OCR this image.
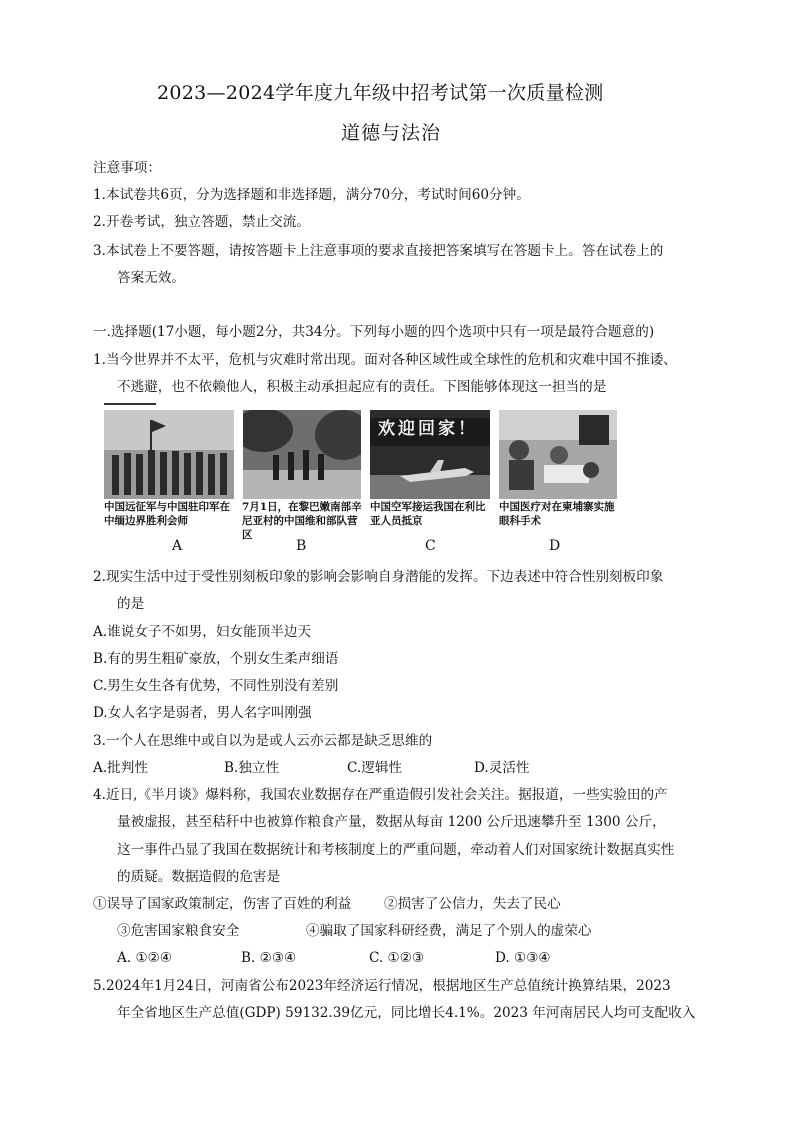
2023—2024学年度九年级中招考试第一次质量检测
道德与法治
注意事项：
1.本试卷共6页，分为选择题和非选择题，满分70分，考试时间60分钟。
2.开卷考试，独立答题，禁止交流。
3.本试卷上不要答题，请按答题卡上注意事项的要求直接把答案填写在答题卡上。答在试卷上的
答案无效。
一.选择题(17小题，每小题2分，共34分。下列每小题的四个选项中只有一项是最符合题意的)
1.当今世界并不太平，危机与灾难时常出现。面对各种区域性或全球性的危机和灾难中国不推诿、
不逃避，也不依赖他人，积极主动承担起应有的责任。下图能够体现这一担当的是
中国远征军与中国驻印军在中缅边界胜利会师
A
7月1日，在黎巴嫩南部辛尼亚村的中国维和部队营区
B
欢迎回家！
中国空军接运我国在利比亚人员抵京
C
中国医疗对在柬埔寨实施眼科手术
D
2.现实生活中过于受性别刻板印象的影响会影响自身潜能的发挥。下边表述中符合性别刻板印象
的是
A.谁说女子不如男，妇女能顶半边天
B.有的男生粗矿豪放，个别女生柔声细语
C.男生女生各有优势，不同性别没有差别
D.女人名字是弱者，男人名字叫刚强
3.一个人在思维中或自以为是或人云亦云都是缺乏思维的
A.批判性	B.独立性	C.逻辑性	D.灵活性
4.近日,《半月谈》爆料称，我国农业数据存在严重造假引发社会关注。据报道，一些实验田的产
量被虚报，甚至秸秆中也被算作粮食产量，数据从每亩 1200 公斤迅速攀升至 1300 公斤，
这一事件凸显了我国在数据统计和考核制度上的严重问题，牵动着人们对国家统计数据真实性
的质疑。数据造假的危害是
①误导了国家政策制定，伤害了百姓的利益 ②损害了公信力，失去了民心
③危害国家粮食安全	④骗取了国家科研经费，满足了个别人的虚荣心
A. ①②④	B. ②③④	C. ①②③	D. ①③④
5.2024年1月24日，河南省公布2023年经济运行情况，根据地区生产总值统计换算结果，2023
年全省地区生产总值(GDP) 59132.39亿元，同比增长4.1%。2023 年河南居民人均可支配收入
